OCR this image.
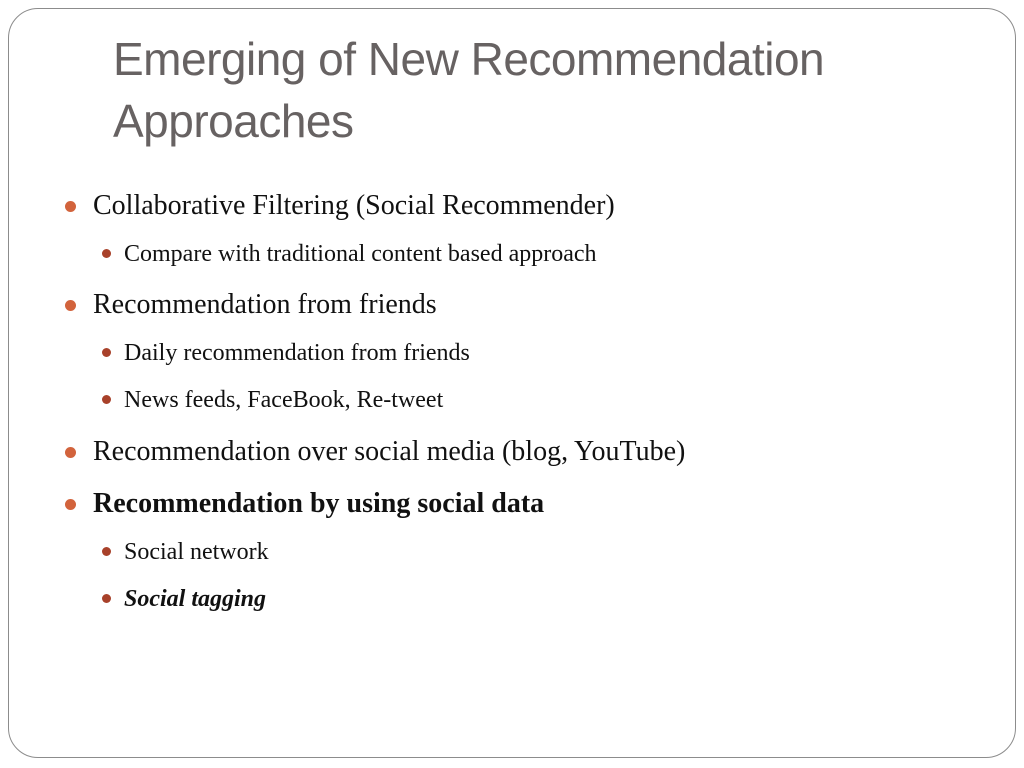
Emerging of New Recommendation
Approaches
Collaborative Filtering (Social Recommender)
Compare with traditional content based approach
Recommendation from friends
Daily recommendation from friends
News feeds, FaceBook, Re-tweet
Recommendation over social media (blog, YouTube)
Recommendation by using social data
Social network
Social tagging
